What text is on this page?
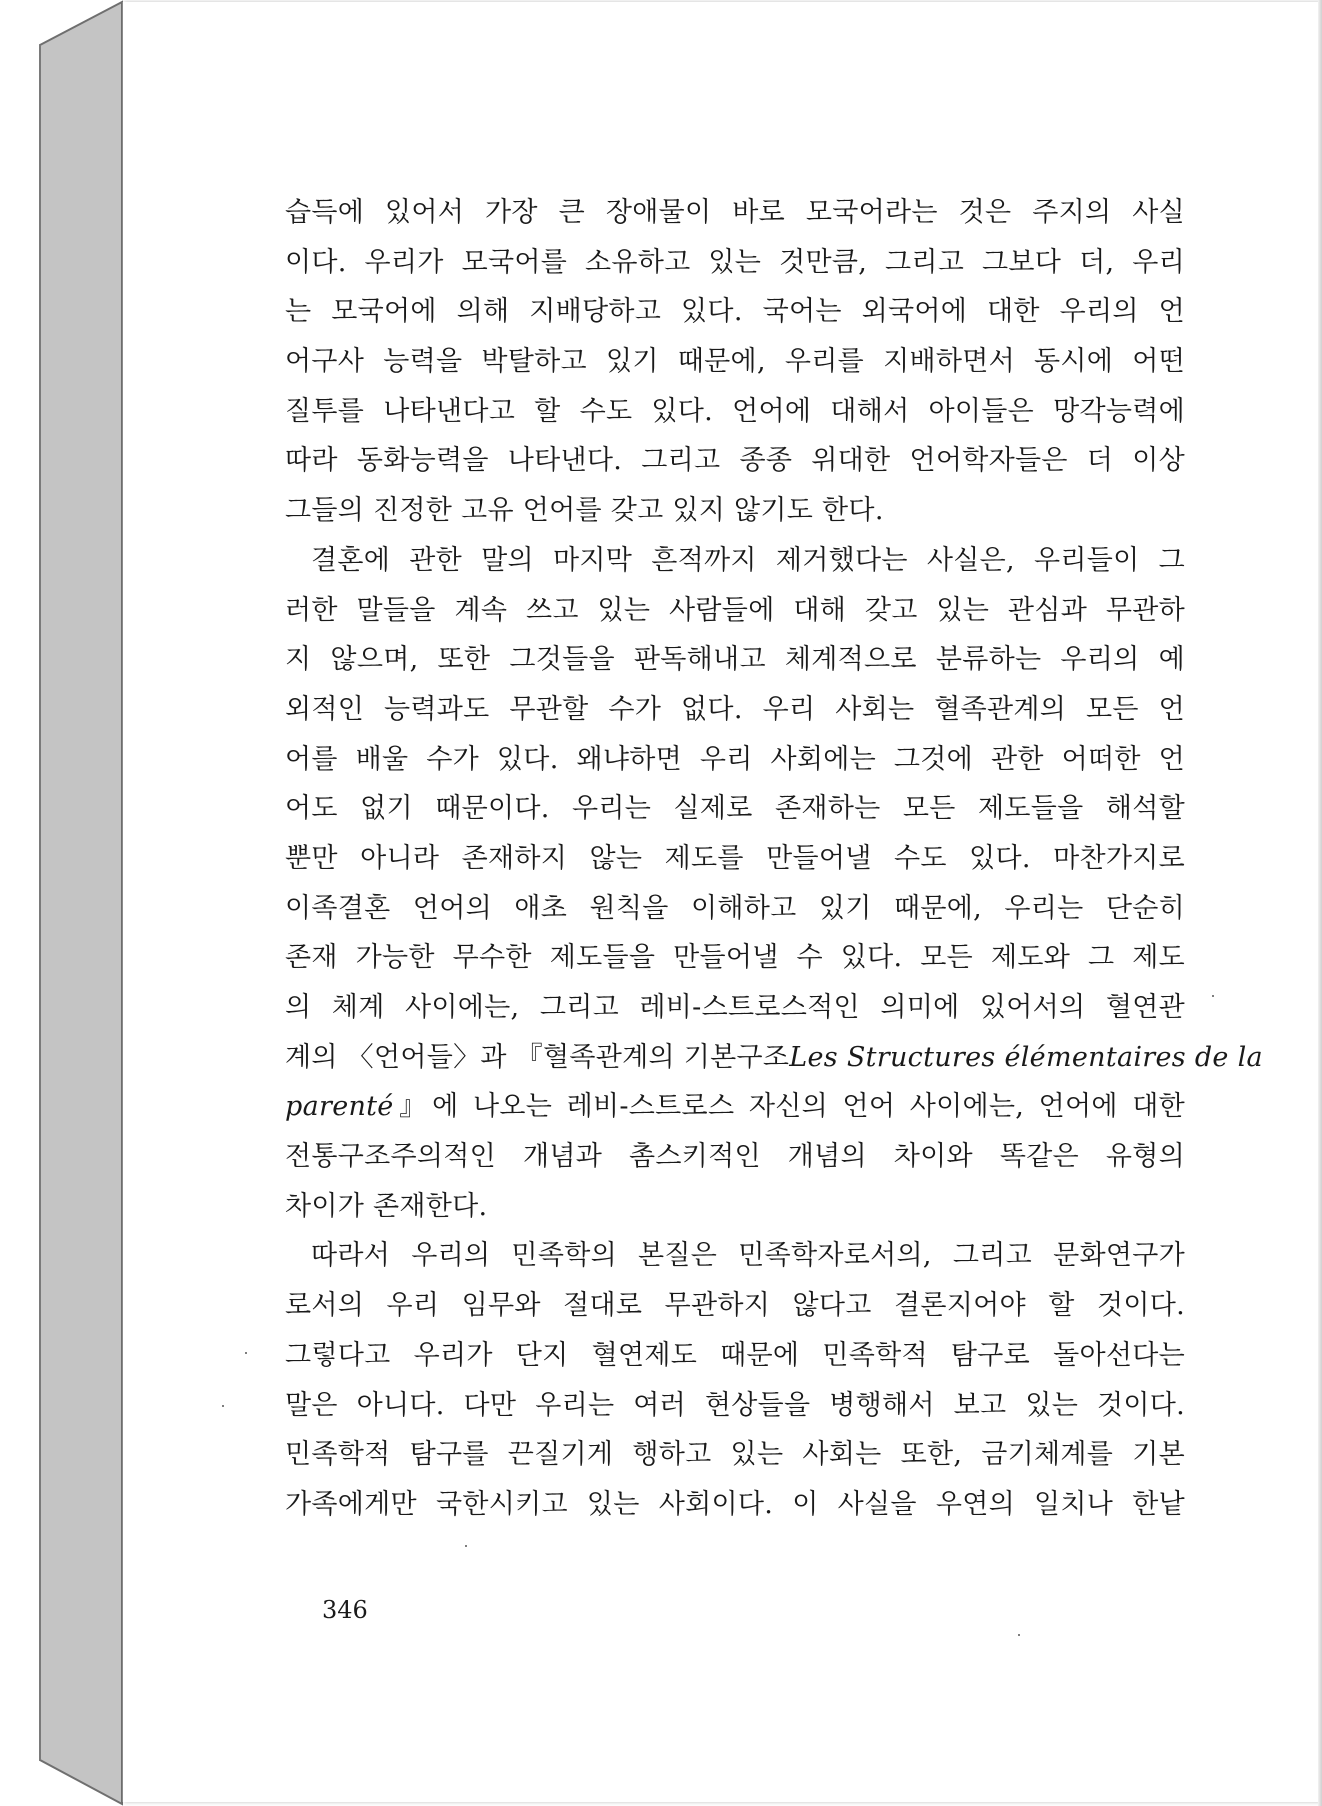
습득에 있어서 가장 큰 장애물이 바로 모국어라는 것은 주지의 사실
이다. 우리가 모국어를 소유하고 있는 것만큼, 그리고 그보다 더, 우리
는 모국어에 의해 지배당하고 있다. 국어는 외국어에 대한 우리의 언
어구사 능력을 박탈하고 있기 때문에, 우리를 지배하면서 동시에 어떤
질투를 나타낸다고 할 수도 있다. 언어에 대해서 아이들은 망각능력에
따라 동화능력을 나타낸다. 그리고 종종 위대한 언어학자들은 더 이상
그들의 진정한 고유 언어를 갖고 있지 않기도 한다.
결혼에 관한 말의 마지막 흔적까지 제거했다는 사실은, 우리들이 그
러한 말들을 계속 쓰고 있는 사람들에 대해 갖고 있는 관심과 무관하
지 않으며, 또한 그것들을 판독해내고 체계적으로 분류하는 우리의 예
외적인 능력과도 무관할 수가 없다. 우리 사회는 혈족관계의 모든 언
어를 배울 수가 있다. 왜냐하면 우리 사회에는 그것에 관한 어떠한 언
어도 없기 때문이다. 우리는 실제로 존재하는 모든 제도들을 해석할
뿐만 아니라 존재하지 않는 제도를 만들어낼 수도 있다. 마찬가지로
이족결혼 언어의 애초 원칙을 이해하고 있기 때문에, 우리는 단순히
존재 가능한 무수한 제도들을 만들어낼 수 있다. 모든 제도와 그 제도
의 체계 사이에는, 그리고 레비-스트로스적인 의미에 있어서의 혈연관
계의 〈언어들〉과 『혈족관계의 기본구조Les Structures élémentaires de la
parenté』에 나오는 레비-스트로스 자신의 언어 사이에는, 언어에 대한
전통구조주의적인 개념과 촘스키적인 개념의 차이와 똑같은 유형의
차이가 존재한다.
따라서 우리의 민족학의 본질은 민족학자로서의, 그리고 문화연구가
로서의 우리 임무와 절대로 무관하지 않다고 결론지어야 할 것이다.
그렇다고 우리가 단지 혈연제도 때문에 민족학적 탐구로 돌아선다는
말은 아니다. 다만 우리는 여러 현상들을 병행해서 보고 있는 것이다.
민족학적 탐구를 끈질기게 행하고 있는 사회는 또한, 금기체계를 기본
가족에게만 국한시키고 있는 사회이다. 이 사실을 우연의 일치나 한낱
346
